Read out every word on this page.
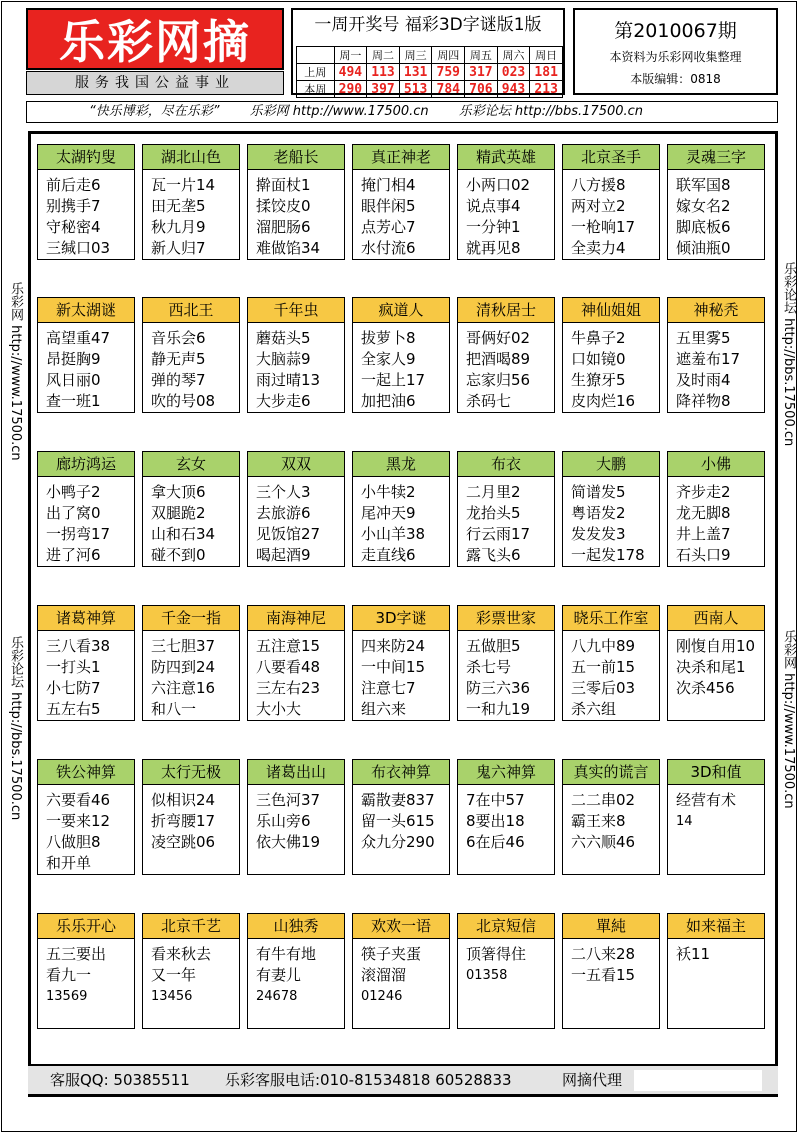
乐彩网摘
服务我国公益事业
一周开奖号 福彩3D字谜版1版
	周一	周二	周三	周四	周五	周六	周日
上周	494	113	131	759	317	023	181
本周	290	397	513	784	706	943	213
第2010067期
本资料为乐彩网收集整理
本版编辑：0818
“快乐博彩，尽在乐彩” 乐彩网 http://www.17500.cn 乐彩论坛 http://bbs.17500.cn
乐彩网 http://www.17500.cn
乐彩论坛 http://bbs.17500.cn
乐彩论坛 http://bbs.17500.cn
乐彩网 http://www.17500.cn
太湖钓叟
前后走6
别携手7
守秘密4
三缄口03
湖北山色
瓦一片14
田无垄5
秋九月9
新人归7
老船长
擀面杖1
揉饺皮0
溜肥肠6
难做馅34
真正神老
掩门相4
眼伴闲5
点芳心7
水付流6
精武英雄
小两口02
说点事4
一分钟1
就再见8
北京圣手
八方援8
两对立2
一枪响17
全卖力4
灵魂三字
联军国8
嫁女名2
脚底板6
倾油瓶0
新太湖谜
高望重47
昂挺胸9
风日丽0
查一班1
西北王
音乐会6
静无声5
弹的琴7
吹的号08
千年虫
蘑菇头5
大脑蒜9
雨过晴13
大步走6
疯道人
拔萝卜8
全家人9
一起上17
加把油6
清秋居士
哥俩好02
把酒喝89
忘家归56
杀码七
神仙姐姐
牛鼻子2
口如镜0
生獠牙5
皮肉烂16
神秘秃
五里雾5
遮羞布17
及时雨4
降祥物8
廊坊鸿运
小鸭子2
出了窝0
一拐弯17
进了河6
玄女
拿大顶6
双腿跪2
山和石34
碰不到0
双双
三个人3
去旅游6
见饭馆27
喝起酒9
黑龙
小牛犊2
尾冲天9
小山羊38
走直线6
布衣
二月里2
龙抬头5
行云雨17
露飞头6
大鹏
简谱发5
粤语发2
发发发3
一起发178
小佛
齐步走2
龙无脚8
井上盖7
石头口9
诸葛神算
三八看38
一打头1
小七防7
五左右5
千金一指
三七胆37
防四到24
六注意16
和八一
南海神尼
五注意15
八要看48
三左右23
大小大
3D字谜
四来防24
一中间15
注意七7
组六来
彩票世家
五做胆5
杀七号
防三六36
一和九19
晓乐工作室
八九中89
五一前15
三零后03
杀六组
西南人
刚愎自用10
决杀和尾1
次杀456
铁公神算
六要看46
一要来12
八做胆8
和开单
太行无极
似相识24
折弯腰17
凌空跳06
诸葛出山
三色河37
乐山旁6
依大佛19
布衣神算
霸散妻837
留一头615
众九分290
鬼六神算
7在中57
8要出18
6在后46
真实的谎言
二二串02
霸王来8
六六顺46
3D和值
经营有术
14
乐乐开心
五三要出
看九一
13569
北京千艺
看来秋去
又一年
13456
山独秀
有牛有地
有妻儿
24678
欢欢一语
筷子夹蛋
滚溜溜
01246
北京短信
顶箸得住
01358
單純
二八来28
一五看15
如来福主
袄11
客服QQ: 50385511 乐彩客服电话:010-81534818 60528833	网摘代理
